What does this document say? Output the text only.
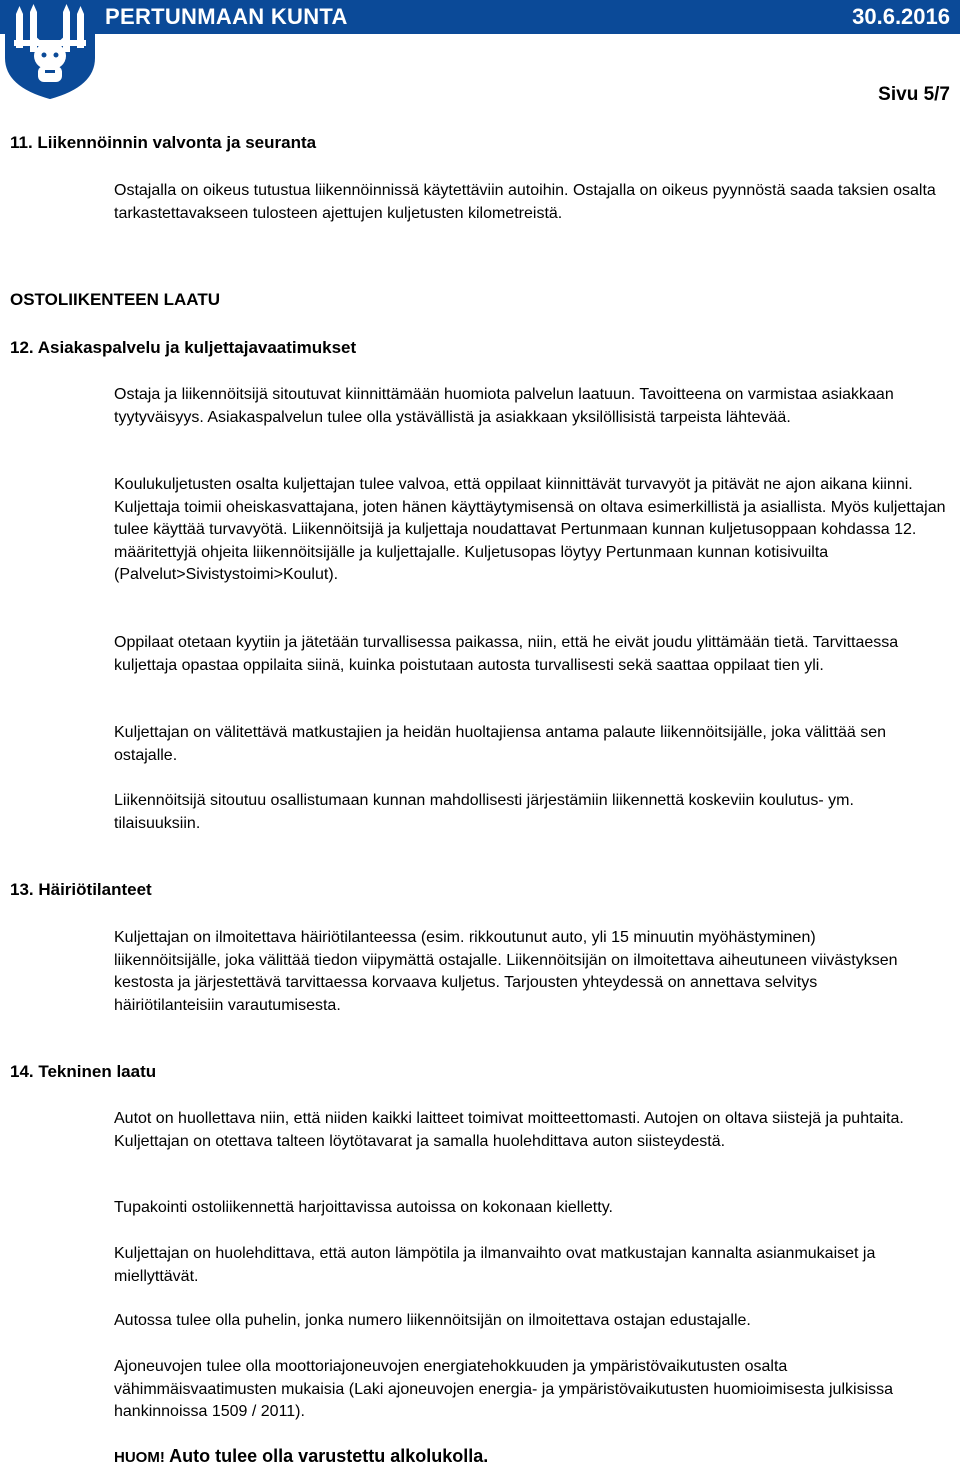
PERTUNMAAN KUNTA	30.6.2016
Sivu 5/7
11. Liikennöinnin valvonta ja seuranta
Ostajalla on oikeus tutustua liikennöinnissä käytettäviin autoihin. Ostajalla on oikeus pyynnöstä saada taksien osalta tarkastettavakseen tulosteen ajettujen kuljetusten kilometreistä.
OSTOLIIKENTEEN LAATU
12. Asiakaspalvelu ja kuljettajavaatimukset
Ostaja ja liikennöitsijä sitoutuvat kiinnittämään huomiota palvelun laatuun. Tavoitteena on varmistaa asiakkaan tyytyväisyys. Asiakaspalvelun tulee olla ystävällistä ja asiakkaan yksilöllisistä tarpeista lähtevää.
Koulukuljetusten osalta kuljettajan tulee valvoa, että oppilaat kiinnittävät turvavyöt ja pitävät ne ajon aikana kiinni. Kuljettaja toimii oheiskasvattajana, joten hänen käyttäytymisensä on oltava esimerkillistä ja asiallista. Myös kuljettajan tulee käyttää turvavyötä. Liikennöitsijä ja kuljettaja noudattavat Pertunmaan kunnan kuljetusoppaan kohdassa 12. määritettyjä ohjeita liikennöitsijälle ja kuljettajalle. Kuljetusopas löytyy Pertunmaan kunnan kotisivuilta (Palvelut>Sivistystoimi>Koulut).
Oppilaat otetaan kyytiin ja jätetään turvallisessa paikassa, niin, että he eivät joudu ylittämään tietä. Tarvittaessa kuljettaja opastaa oppilaita siinä, kuinka poistutaan autosta turvallisesti sekä saattaa oppilaat tien yli.
Kuljettajan on välitettävä matkustajien ja heidän huoltajiensa antama palaute liikennöitsijälle, joka välittää sen ostajalle.
Liikennöitsijä sitoutuu osallistumaan kunnan mahdollisesti järjestämiin liikennettä koskeviin koulutus- ym. tilaisuuksiin.
13. Häiriötilanteet
Kuljettajan on ilmoitettava häiriötilanteessa (esim. rikkoutunut auto, yli 15 minuutin myöhästyminen) liikennöitsijälle, joka välittää tiedon viipymättä ostajalle. Liikennöitsijän on ilmoitettava aiheutuneen viivästyksen kestosta ja järjestettävä tarvittaessa korvaava kuljetus. Tarjousten yhteydessä on annettava selvitys häiriötilanteisiin varautumisesta.
14. Tekninen laatu
Autot on huollettava niin, että niiden kaikki laitteet toimivat moitteettomasti. Autojen on oltava siistejä ja puhtaita. Kuljettajan on otettava talteen löytötavarat ja samalla huolehdittava auton siisteydestä.
Tupakointi ostoliikennettä harjoittavissa autoissa on kokonaan kielletty.
Kuljettajan on huolehdittava, että auton lämpötila ja ilmanvaihto ovat matkustajan kannalta asianmukaiset ja miellyttävät.
Autossa tulee olla puhelin, jonka numero liikennöitsijän on ilmoitettava ostajan edustajalle.
Ajoneuvojen tulee olla moottoriajoneuvojen energiatehokkuuden ja ympäristövaikutusten osalta vähimmäisvaatimusten mukaisia (Laki ajoneuvojen energia- ja ympäristövaikutusten huomioimisesta julkisissa hankinnoissa 1509 / 2011).
HUOM! Auto tulee olla varustettu alkolukolla.
